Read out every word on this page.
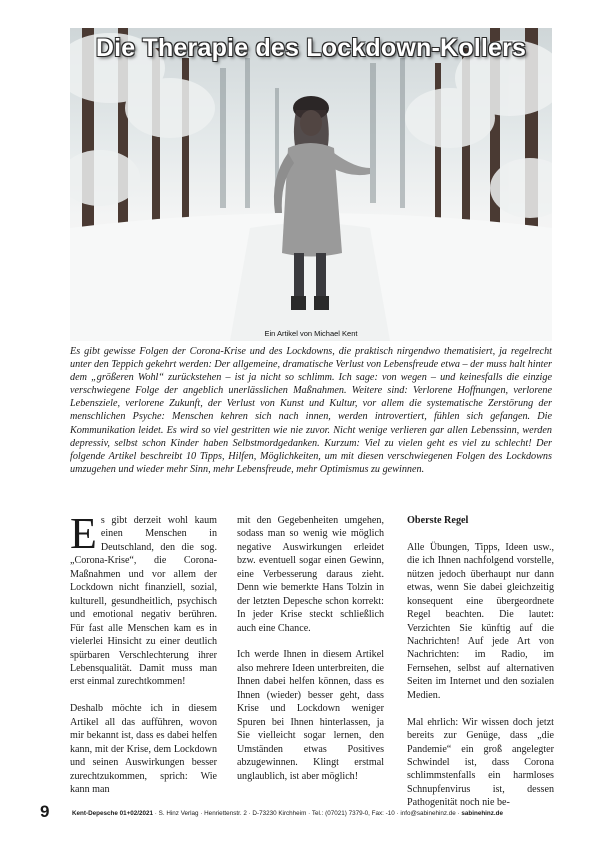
Die Therapie des Lockdown-Kollers
Ein Artikel von Michael Kent

Es gibt gewisse Folgen der Corona-Krise und des Lockdowns, die praktisch nirgendwo thematisiert, ja regelrecht unter den Teppich gekehrt werden: Der allgemeine, dramatische Verlust von Lebensfreude etwa – der muss halt hinter dem „größeren Wohl“ zurückstehen – ist ja nicht so schlimm. Ich sage: von wegen – und keinesfalls die einzige verschwiegene Folge der angeblich unerlässlichen Maßnahmen. Weitere sind: Verlorene Hoffnungen, verlorene Lebensziele, verlorene Zukunft, der Verlust von Kunst und Kultur, vor allem die systematische Zerstörung der menschlichen Psyche: Menschen kehren sich nach innen, werden introvertiert, fühlen sich gefangen. Die Kommunikation leidet. Es wird so viel gestritten wie nie zuvor. Nicht wenige verlieren gar allen Lebenssinn, werden depressiv, selbst schon Kinder haben Selbstmordgedanken. Kurzum: Viel zu vielen geht es viel zu schlecht! Der folgende Artikel beschreibt 10 Tipps, Hilfen, Möglichkeiten, um mit diesen verschwiegenen Folgen des Lockdowns umzugehen und wieder mehr Sinn, mehr Lebensfreude, mehr Optimismus zu gewinnen.

Es gibt derzeit wohl kaum einen Menschen in Deutschland, den die sog. „Corona-Krise“, die Corona-Maßnahmen und vor allem der Lockdown nicht finanziell, sozial, kulturell, gesundheitlich, psychisch und emotional negativ berühren. Für fast alle Menschen kam es in vielerlei Hinsicht zu einer deutlich spürbaren Verschlechterung ihrer Lebensqualität. Damit muss man erst einmal zurechtkommen!

Deshalb möchte ich in diesem Artikel all das aufführen, wovon mir bekannt ist, dass es dabei helfen kann, mit der Krise, dem Lockdown und seinen Auswirkungen besser zurechtzukommen, sprich: Wie kann man

mit den Gegebenheiten umgehen, sodass man so wenig wie möglich negative Auswirkungen erleidet bzw. eventuell sogar einen Gewinn, eine Verbesserung daraus zieht. Denn wie bemerkte Hans Tolzin in der letzten Depesche schon korrekt: In jeder Krise steckt schließlich auch eine Chance.

Ich werde Ihnen in diesem Artikel also mehrere Ideen unterbreiten, die Ihnen dabei helfen können, dass es Ihnen (wieder) besser geht, dass Krise und Lockdown weniger Spuren bei Ihnen hinterlassen, ja Sie vielleicht sogar lernen, den Umständen etwas Positives abzugewinnen. Klingt erstmal unglaublich, ist aber möglich!

Oberste Regel

Alle Übungen, Tipps, Ideen usw., die ich Ihnen nachfolgend vorstelle, nützen jedoch überhaupt nur dann etwas, wenn Sie dabei gleichzeitig konsequent eine übergeordnete Regel beachten. Die lautet: Verzichten Sie künftig auf die Nachrichten! Auf jede Art von Nachrichten: im Radio, im Fernsehen, selbst auf alternativen Seiten im Internet und den sozialen Medien.

Mal ehrlich: Wir wissen doch jetzt bereits zur Genüge, dass „die Pandemie“ ein groß angelegter Schwindel ist, dass Corona schlimmstenfalls ein harmloses Schnupfenvirus ist, dessen Pathogenität noch nie be-

9	Kent-Depesche 01+02/2021 · S. Hinz Verlag · Henriettenstr. 2 · D-73230 Kirchheim · Tel.: (07021) 7379-0, Fax: -10 · info@sabinehinz.de · sabinehinz.de
